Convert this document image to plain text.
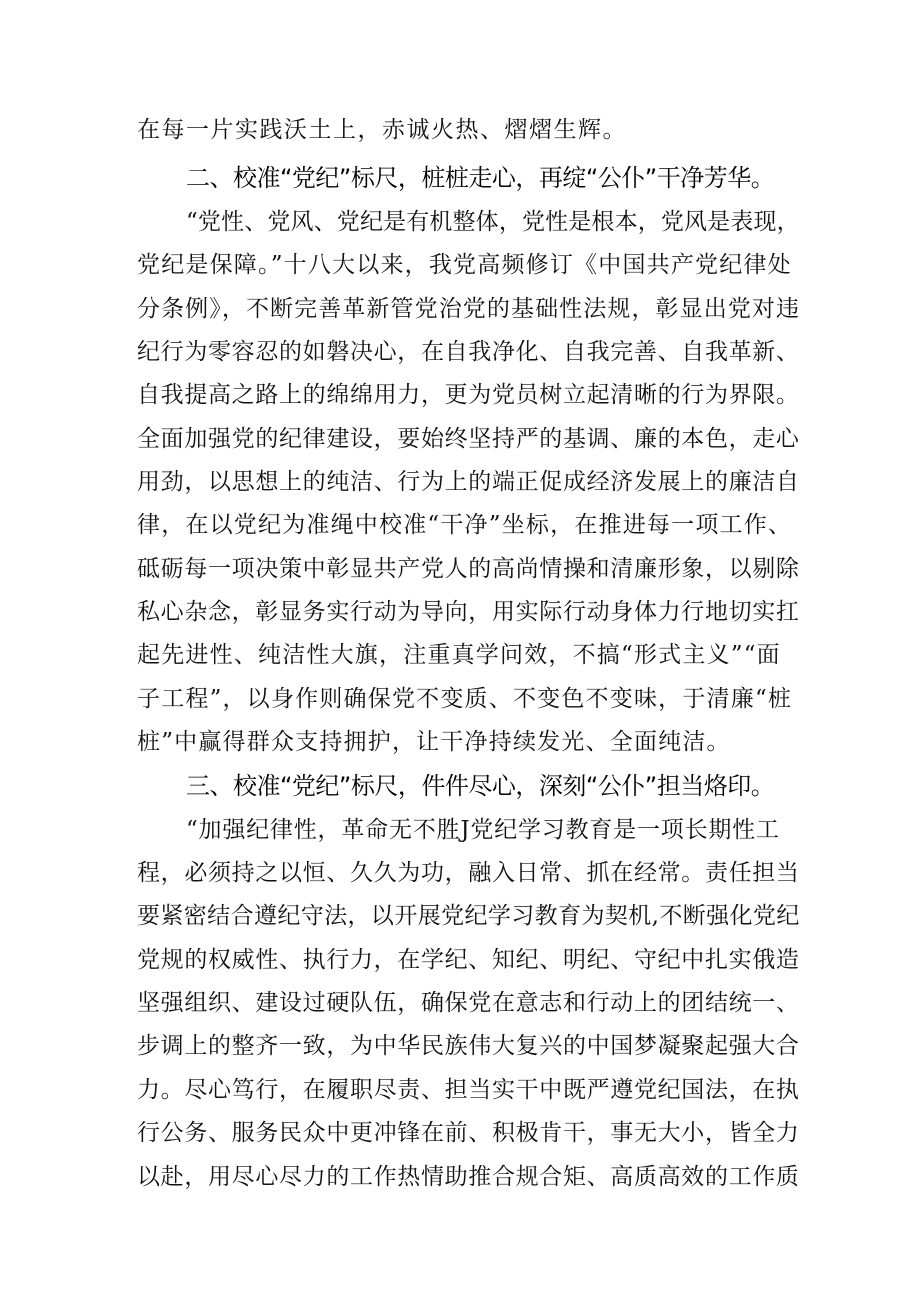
在每一片实践沃土上，赤诚火热、熠熠生辉。
二、校准“党纪”标尺，桩桩走心，再绽“公仆”干净芳华。
“党性、党风、党纪是有机整体，党性是根本，党风是表现，
党纪是保障。”十八大以来，我党高频修订《中国共产党纪律处
分条例》，不断完善革新管党治党的基础性法规，彰显出党对违
纪行为零容忍的如磐决心，在自我净化、自我完善、自我革新、
自我提高之路上的绵绵用力，更为党员树立起清晰的行为界限。
全面加强党的纪律建设，要始终坚持严的基调、廉的本色，走心
用劲，以思想上的纯洁、行为上的端正促成经济发展上的廉洁自
律，在以党纪为准绳中校准“干净”坐标，在推进每一项工作、
砥砺每一项决策中彰显共产党人的高尚情操和清廉形象，以剔除
私心杂念，彰显务实行动为导向，用实际行动身体力行地切实扛
起先进性、纯洁性大旗，注重真学问效，不搞“形式主义”“面
子工程”，以身作则确保党不变质、不变色不变味，于清廉“桩
桩”中赢得群众支持拥护，让干净持续发光、全面纯洁。
三、校准“党纪”标尺，件件尽心，深刻“公仆”担当烙印。
“加强纪律性，革命无不胜J党纪学习教育是一项长期性工
程，必须持之以恒、久久为功，融入日常、抓在经常。责任担当
要紧密结合遵纪守法，以开展党纪学习教育为契机,不断强化党纪
党规的权威性、执行力，在学纪、知纪、明纪、守纪中扎实俄造
坚强组织、建设过硬队伍，确保党在意志和行动上的团结统一、
步调上的整齐一致，为中华民族伟大复兴的中国梦凝聚起强大合
力。尽心笃行，在履职尽责、担当实干中既严遵党纪国法，在执
行公务、服务民众中更冲锋在前、积极肯干，事无大小，皆全力
以赴，用尽心尽力的工作热情助推合规合矩、高质高效的工作质
